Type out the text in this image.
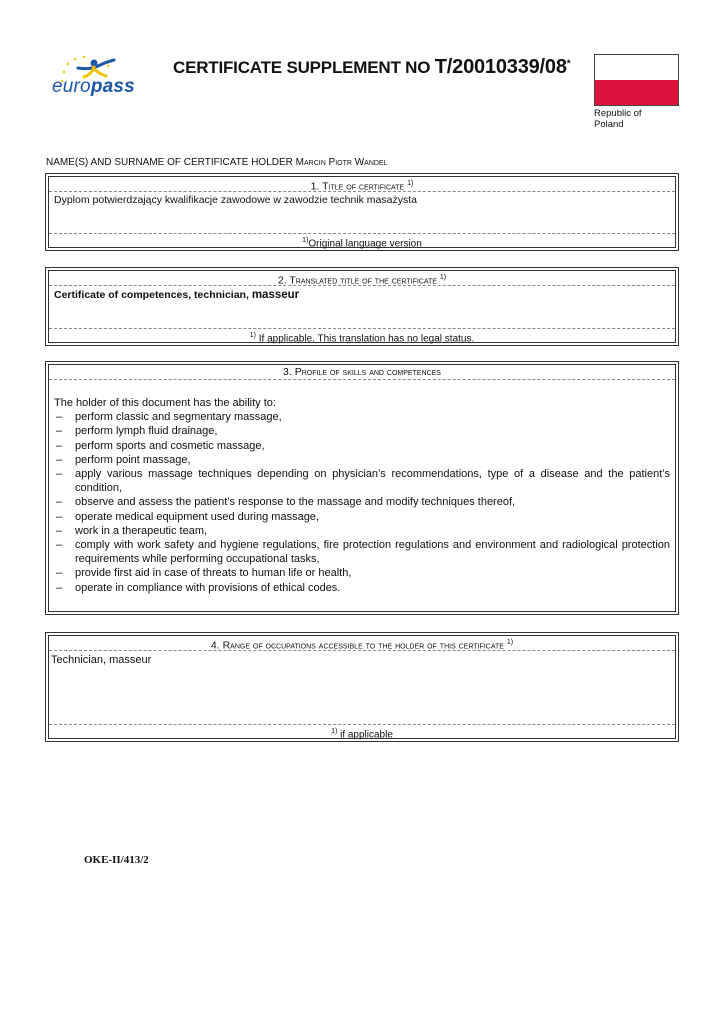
europass
CERTIFICATE SUPPLEMENT NO T/20010339/08*
Republic of
Poland
NAME(S) AND SURNAME OF CERTIFICATE HOLDER Marcin Piotr Wandel
1. Title of certificate $^{1)}$
Dyplom potwierdzający kwalifikacje zawodowe w zawodzie technik masażysta
$^{1)}$Original language version
2. Translated title of the certificate $^{1)}$
Certificate of competences, technician, masseur
$^{1)}$ If applicable. This translation has no legal status.
3. Profile of skills and competences
The holder of this document has the ability to:
– perform classic and segmentary massage,
– perform lymph fluid drainage,
– perform sports and cosmetic massage,
– perform point massage,
– apply various massage techniques depending on physician’s recommendations, type of a disease and the patient’s condition,
– observe and assess the patient’s response to the massage and modify techniques thereof,
– operate medical equipment used during massage,
– work in a therapeutic team,
– comply with work safety and hygiene regulations, fire protection regulations and environment and radiological protection requirements while performing occupational tasks,
– provide first aid in case of threats to human life or health,
– operate in compliance with provisions of ethical codes.
4. Range of occupations accessible to the holder of this certificate $^{1)}$
Technician, masseur
$^{1)}$ if applicable
OKE-II/413/2
